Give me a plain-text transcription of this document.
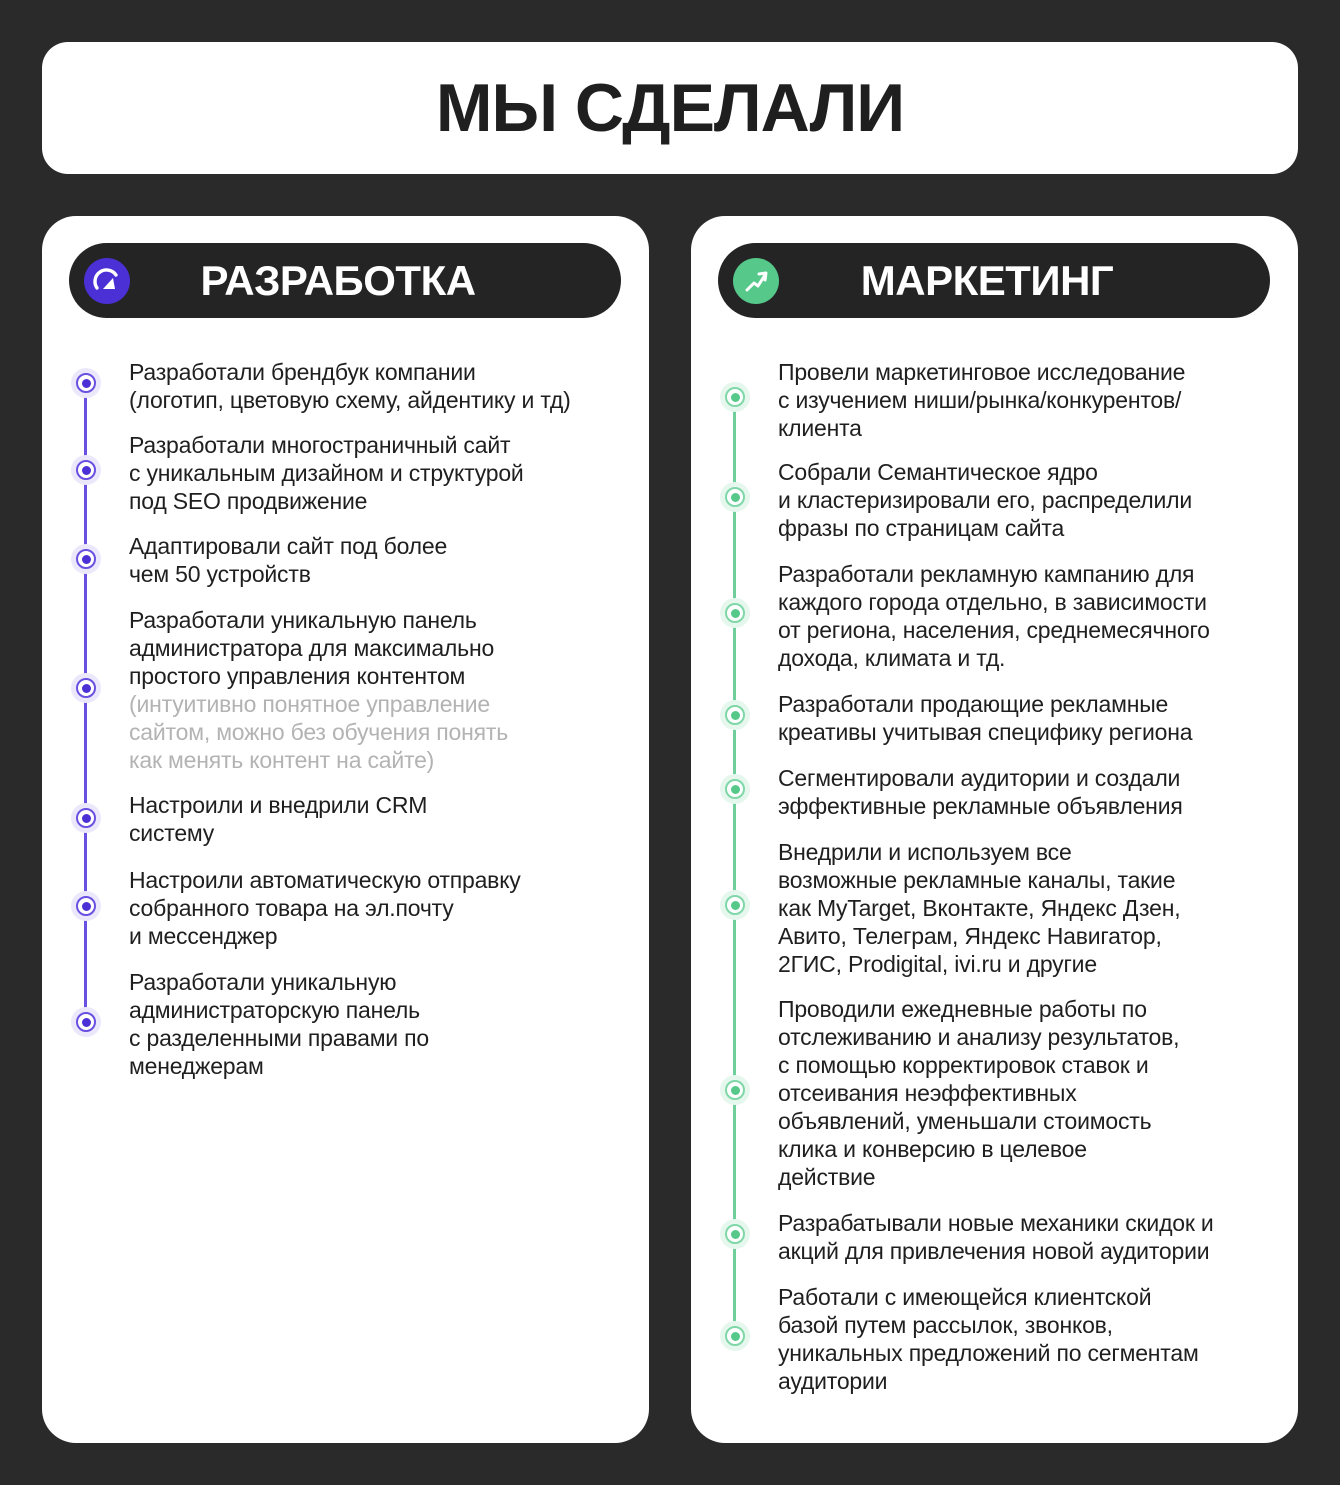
МЫ СДЕЛАЛИ
РАЗРАБОТКА
Разработали брендбук компании
(логотип, цветовую схему, айдентику и тд)
Разработали многостраничный сайт
с уникальным дизайном и структурой
под SEO продвижение
Адаптировали сайт под более
чем 50 устройств
Разработали уникальную панель
администратора для максимально
простого управления контентом
(интуитивно понятное управление
сайтом, можно без обучения понять
как менять контент на сайте)
Настроили и внедрили CRM
систему
Настроили автоматическую отправку
собранного товара на эл.почту
и мессенджер
Разработали уникальную
администраторскую панель
с разделенными правами по
менеджерам
МАРКЕТИНГ
Провели маркетинговое исследование
с изучением ниши/рынка/конкурентов/
клиента
Собрали Семантическое ядро
и кластеризировали его, распределили
фразы по страницам сайта
Разработали рекламную кампанию для
каждого города отдельно, в зависимости
от региона, населения, среднемесячного
дохода, климата и тд.
Разработали продающие рекламные
креативы учитывая специфику региона
Сегментировали аудитории и создали
эффективные рекламные объявления
Внедрили и используем все
возможные рекламные каналы, такие
как MyTarget, Вконтакте, Яндекс Дзен,
Авито, Телеграм, Яндекс Навигатор,
2ГИС, Prodigital, ivi.ru и другие
Проводили ежедневные работы по
отслеживанию и анализу результатов,
с помощью корректировок ставок и
отсеивания неэффективных
объявлений, уменьшали стоимость
клика и конверсию в целевое
действие
Разрабатывали новые механики скидок и
акций для привлечения новой аудитории
Работали с имеющейся клиентской
базой путем рассылок, звонков,
уникальных предложений по сегментам
аудитории
